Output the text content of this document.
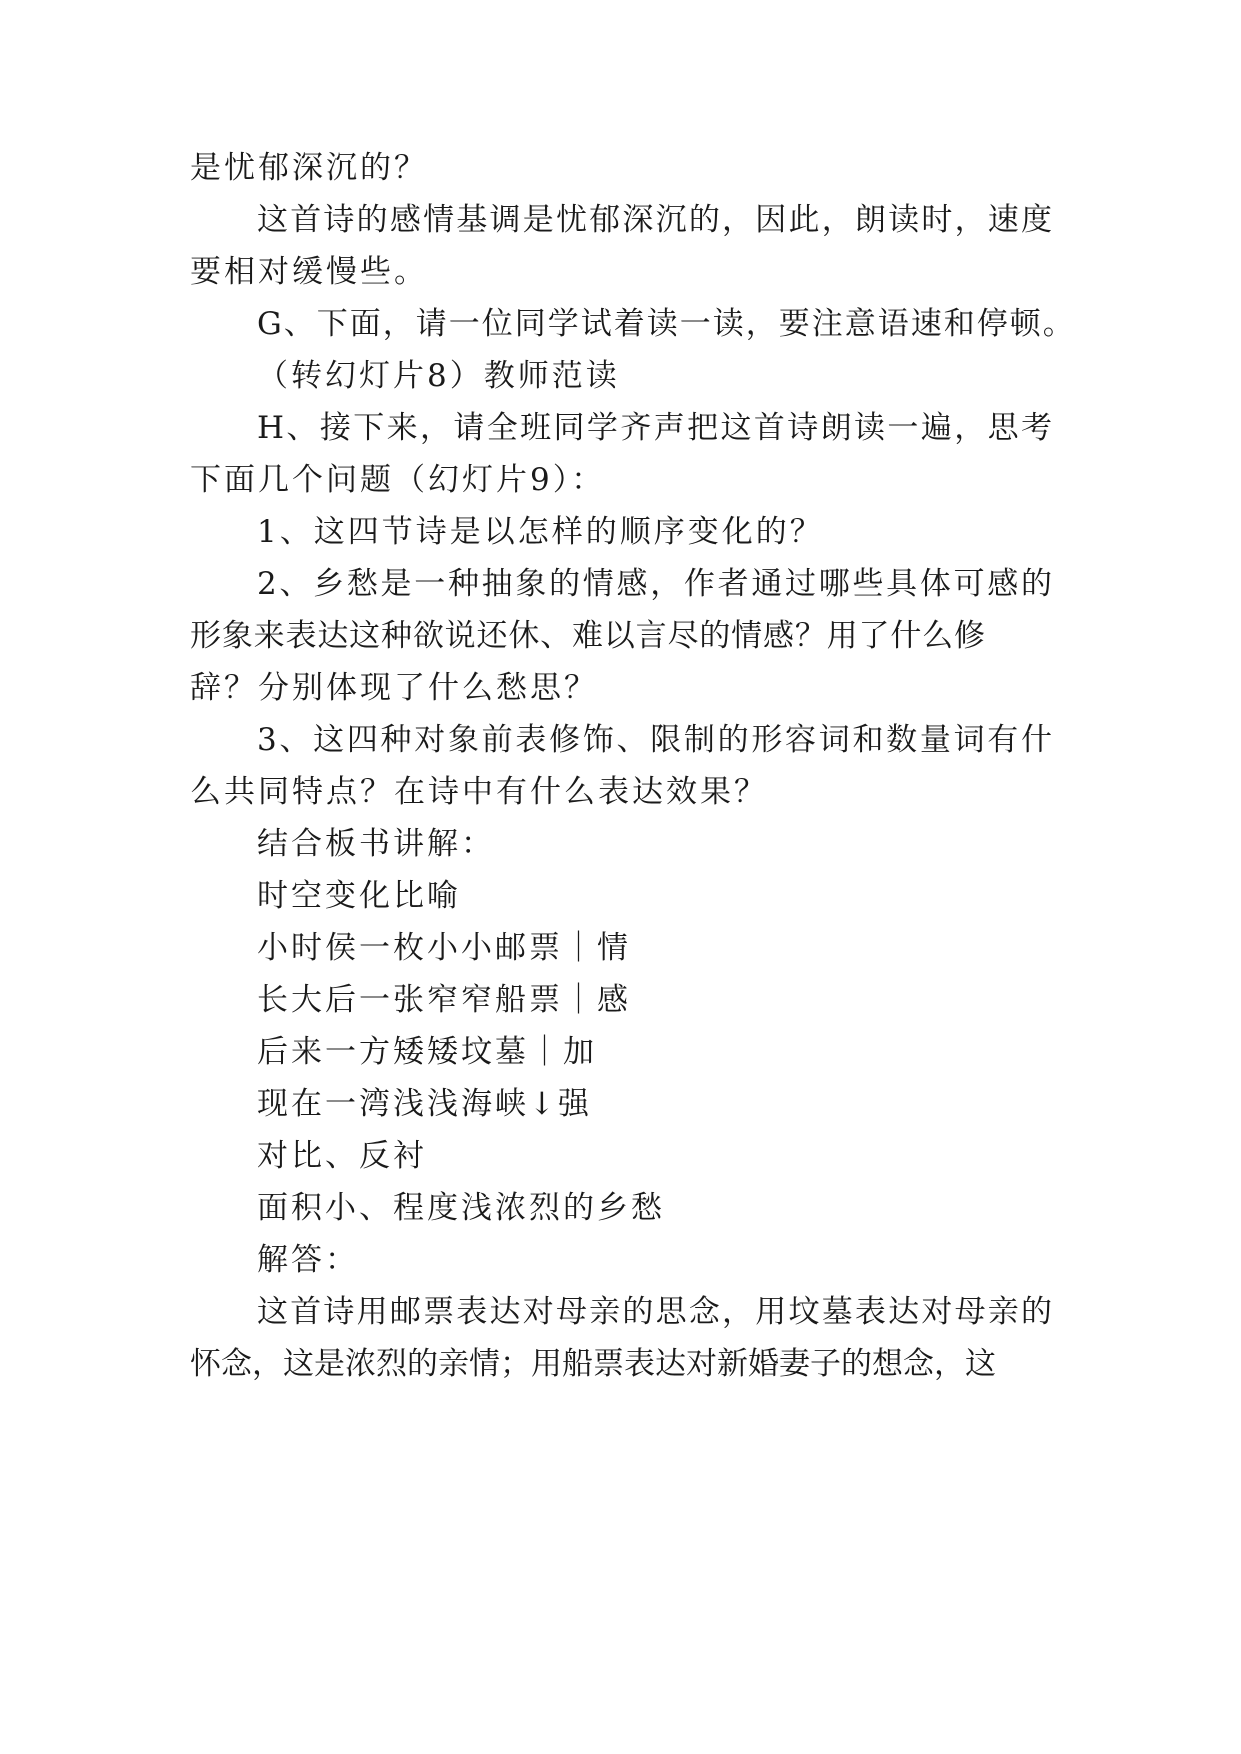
是忧郁深沉的？
这首诗的感情基调是忧郁深沉的，因此，朗读时，速度
要相对缓慢些。
G、下面，请一位同学试着读一读，要注意语速和停顿。
（转幻灯片8）教师范读
H、接下来，请全班同学齐声把这首诗朗读一遍，思考
下面几个问题（幻灯片9）：
1、这四节诗是以怎样的顺序变化的？
2、乡愁是一种抽象的情感，作者通过哪些具体可感的
形象来表达这种欲说还休、难以言尽的情感？用了什么修
辞？分别体现了什么愁思？
3、这四种对象前表修饰、限制的形容词和数量词有什
么共同特点？在诗中有什么表达效果？
结合板书讲解：
时空变化比喻
小时侯一枚小小邮票｜情
长大后一张窄窄船票｜感
后来一方矮矮坟墓｜加
现在一湾浅浅海峡↓强
对比、反衬
面积小、程度浅浓烈的乡愁
解答：
这首诗用邮票表达对母亲的思念，用坟墓表达对母亲的
怀念，这是浓烈的亲情；用船票表达对新婚妻子的想念，这
